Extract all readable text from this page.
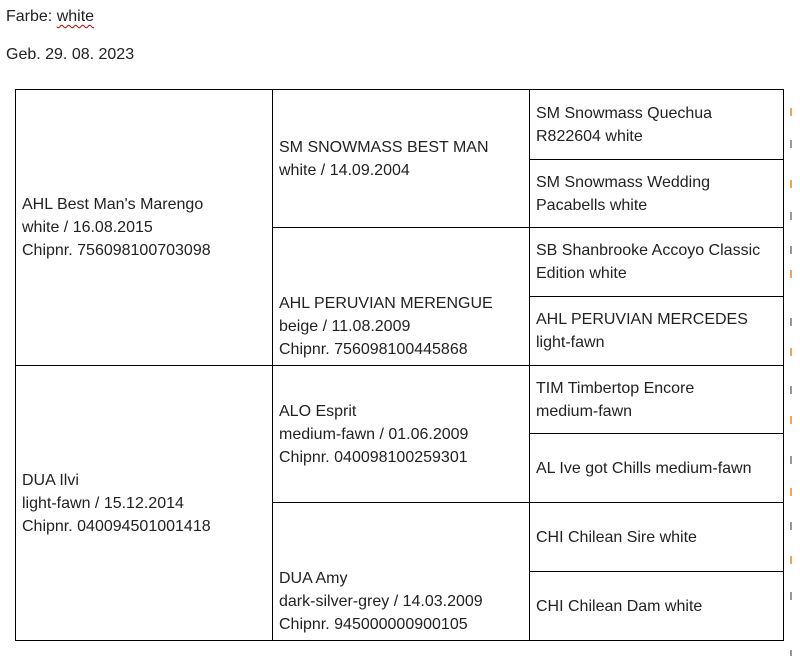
Farbe: white
Geb. 29. 08. 2023
AHL Best Man's Marengo
white / 16.08.2015
Chipnr. 756098100703098
DUA Ilvi
light-fawn / 15.12.2014
Chipnr. 040094501001418
SM SNOWMASS BEST MAN
white / 14.09.2004
AHL PERUVIAN MERENGUE
beige / 11.08.2009
Chipnr. 756098100445868
ALO Esprit
medium-fawn / 01.06.2009
Chipnr. 040098100259301
DUA Amy
dark-silver-grey / 14.03.2009
Chipnr. 945000000900105
SM Snowmass Quechua
R822604 white
SM Snowmass Wedding
Pacabells white
SB Shanbrooke Accoyo Classic
Edition white
AHL PERUVIAN MERCEDES
light-fawn
TIM Timbertop Encore
medium-fawn
AL Ive got Chills medium-fawn
CHI Chilean Sire white
CHI Chilean Dam white
